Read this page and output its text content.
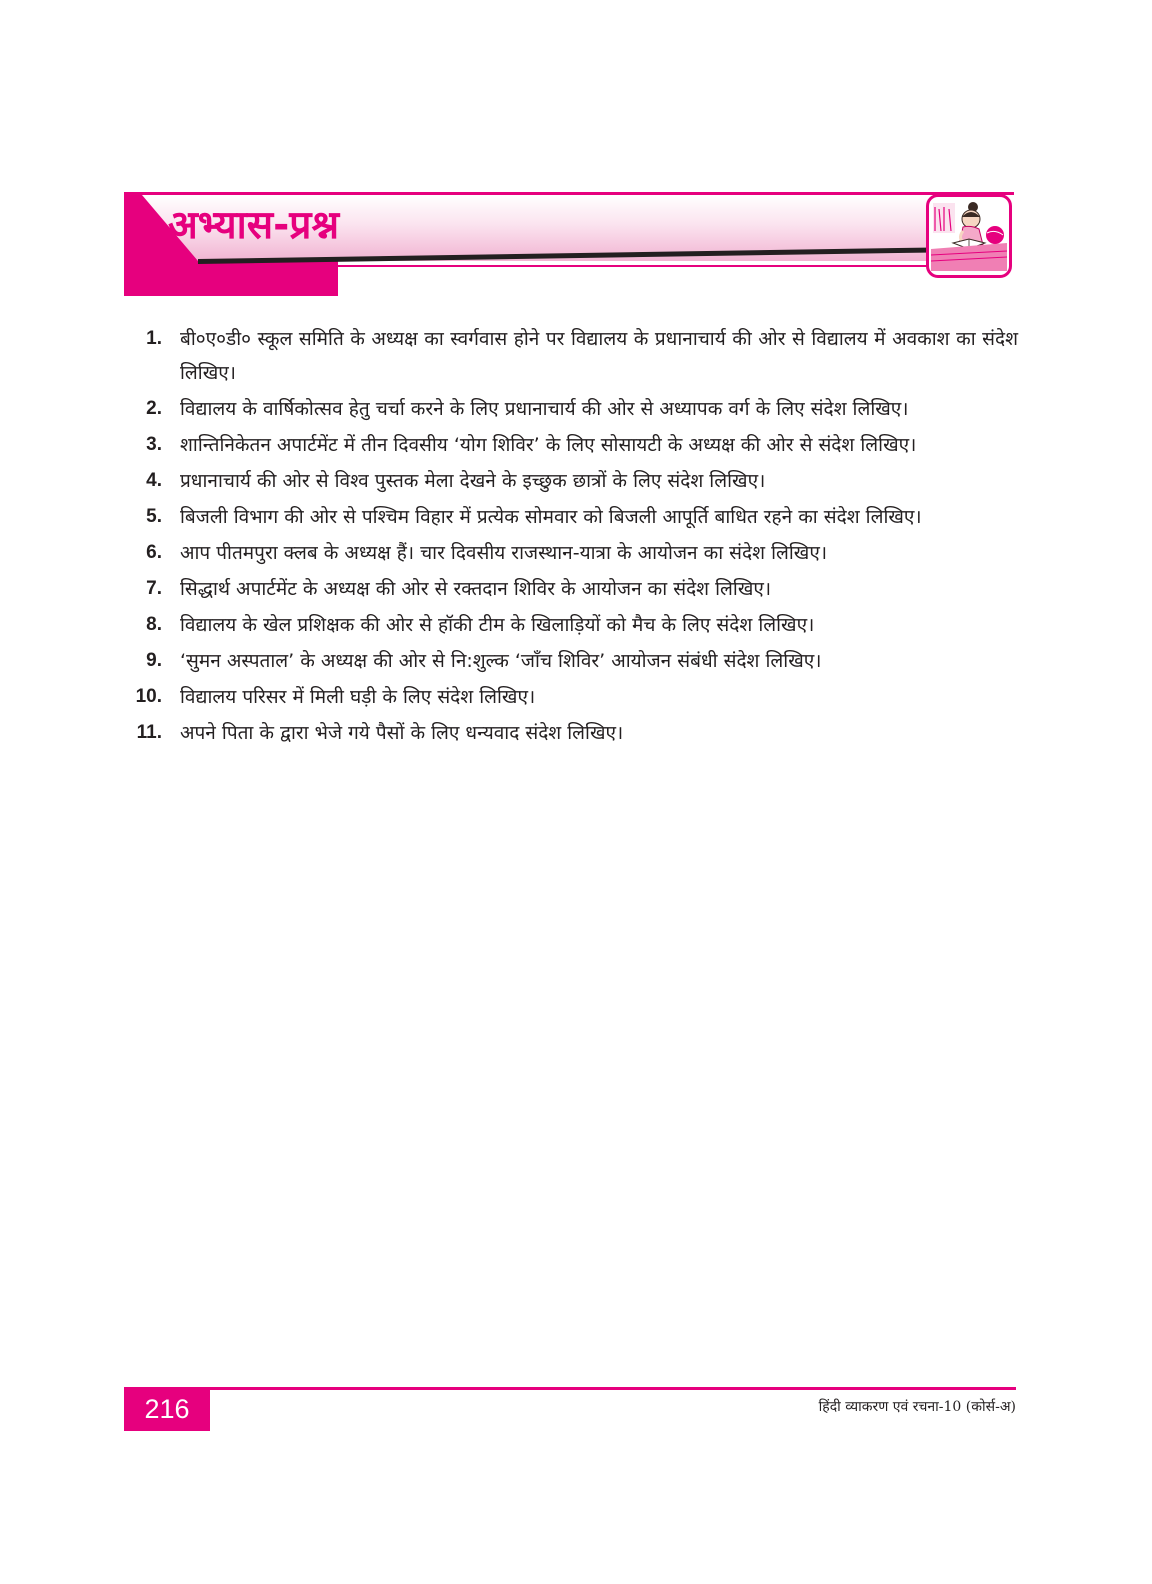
अभ्यास-प्रश्न
1. बी०ए०डी० स्कूल समिति के अध्यक्ष का स्वर्गवास होने पर विद्यालय के प्रधानाचार्य की ओर से विद्यालय में अवकाश का संदेश लिखिए।
2. विद्यालय के वार्षिकोत्सव हेतु चर्चा करने के लिए प्रधानाचार्य की ओर से अध्यापक वर्ग के लिए संदेश लिखिए।
3. शान्तिनिकेतन अपार्टमेंट में तीन दिवसीय ‘योग शिविर’ के लिए सोसायटी के अध्यक्ष की ओर से संदेश लिखिए।
4. प्रधानाचार्य की ओर से विश्व पुस्तक मेला देखने के इच्छुक छात्रों के लिए संदेश लिखिए।
5. बिजली विभाग की ओर से पश्चिम विहार में प्रत्येक सोमवार को बिजली आपूर्ति बाधित रहने का संदेश लिखिए।
6. आप पीतमपुरा क्लब के अध्यक्ष हैं। चार दिवसीय राजस्थान-यात्रा के आयोजन का संदेश लिखिए।
7. सिद्धार्थ अपार्टमेंट के अध्यक्ष की ओर से रक्तदान शिविर के आयोजन का संदेश लिखिए।
8. विद्यालय के खेल प्रशिक्षक की ओर से हॉकी टीम के खिलाड़ियों को मैच के लिए संदेश लिखिए।
9. ‘सुमन अस्पताल’ के अध्यक्ष की ओर से नि:शुल्क ‘जाँच शिविर’ आयोजन संबंधी संदेश लिखिए।
10. विद्यालय परिसर में मिली घड़ी के लिए संदेश लिखिए।
11. अपने पिता के द्वारा भेजे गये पैसों के लिए धन्यवाद संदेश लिखिए।
216	हिंदी व्याकरण एवं रचना-10 (कोर्स-अ)
